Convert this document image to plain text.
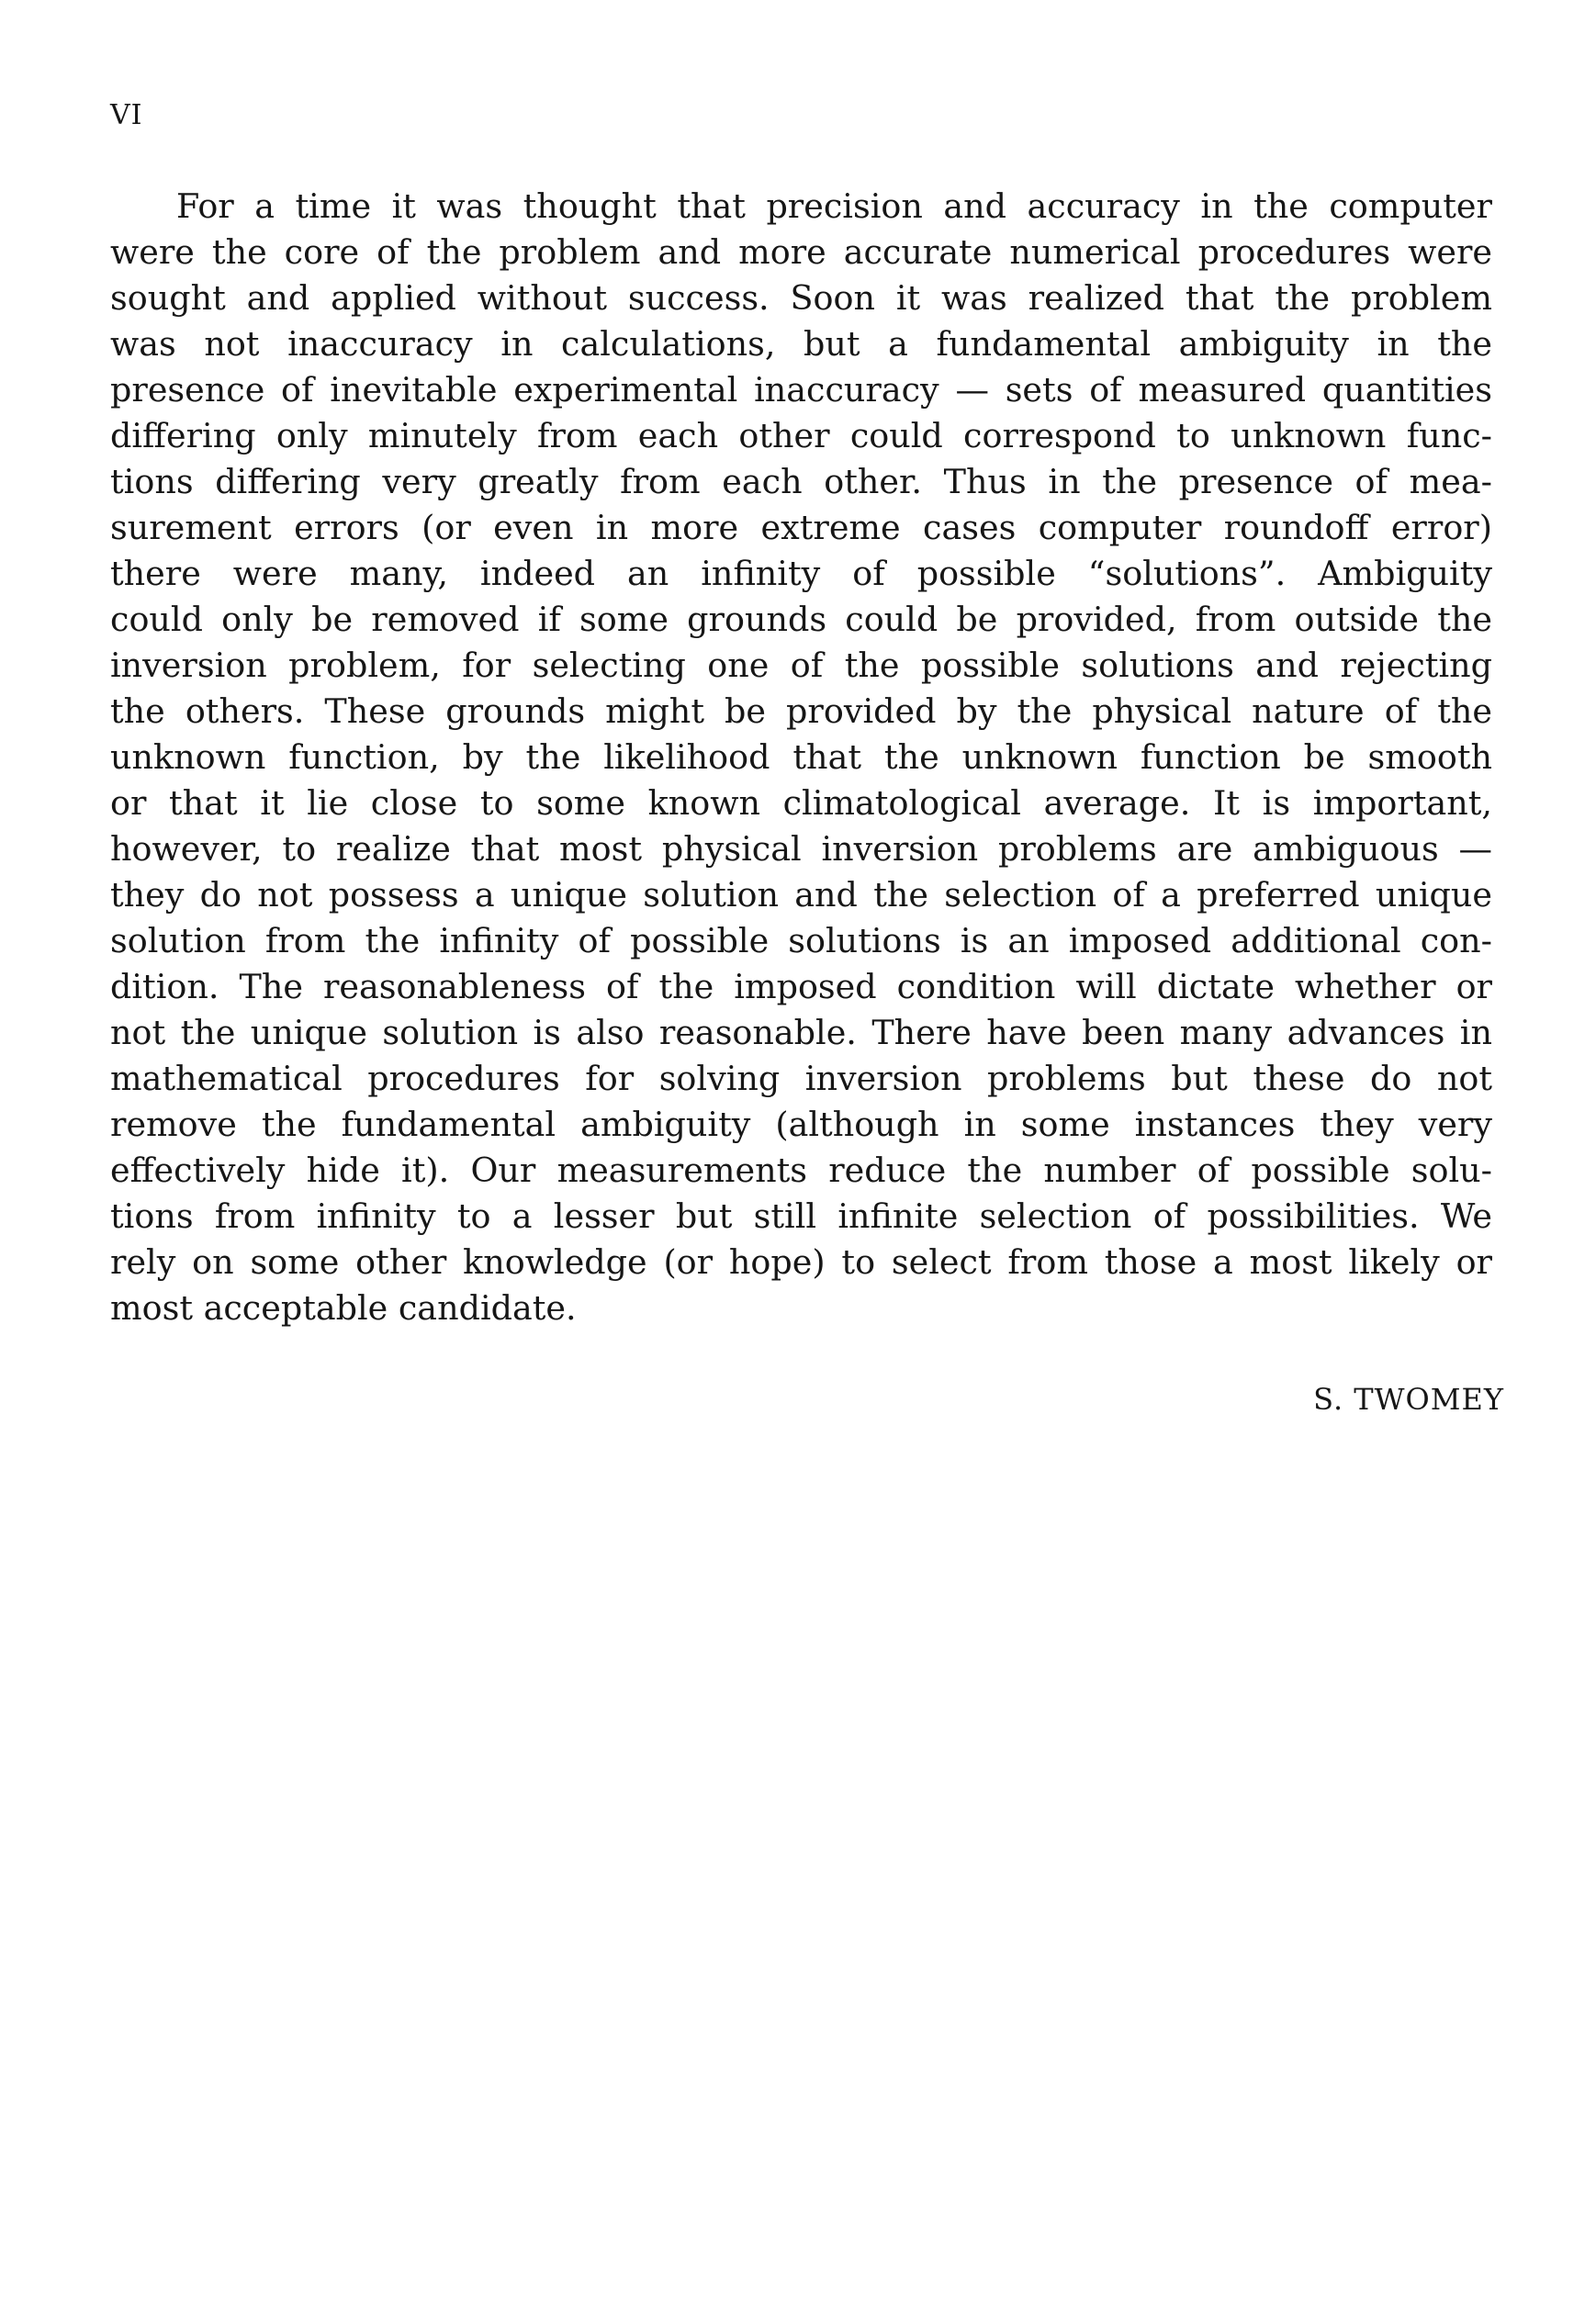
VI
For a time it was thought that precision and accuracy in the computer
were the core of the problem and more accurate numerical procedures were
sought and applied without success. Soon it was realized that the problem
was not inaccuracy in calculations, but a fundamental ambiguity in the
presence of inevitable experimental inaccuracy — sets of measured quantities
differing only minutely from each other could correspond to unknown func-
tions differing very greatly from each other. Thus in the presence of mea-
surement errors (or even in more extreme cases computer roundoff error)
there were many, indeed an infinity of possible “solutions”. Ambiguity
could only be removed if some grounds could be provided, from outside the
inversion problem, for selecting one of the possible solutions and rejecting
the others. These grounds might be provided by the physical nature of the
unknown function, by the likelihood that the unknown function be smooth
or that it lie close to some known climatological average. It is important,
however, to realize that most physical inversion problems are ambiguous —
they do not possess a unique solution and the selection of a preferred unique
solution from the infinity of possible solutions is an imposed additional con-
dition. The reasonableness of the imposed condition will dictate whether or
not the unique solution is also reasonable. There have been many advances in
mathematical procedures for solving inversion problems but these do not
remove the fundamental ambiguity (although in some instances they very
effectively hide it). Our measurements reduce the number of possible solu-
tions from infinity to a lesser but still infinite selection of possibilities. We
rely on some other knowledge (or hope) to select from those a most likely or
most acceptable candidate.
S. TWOMEY
